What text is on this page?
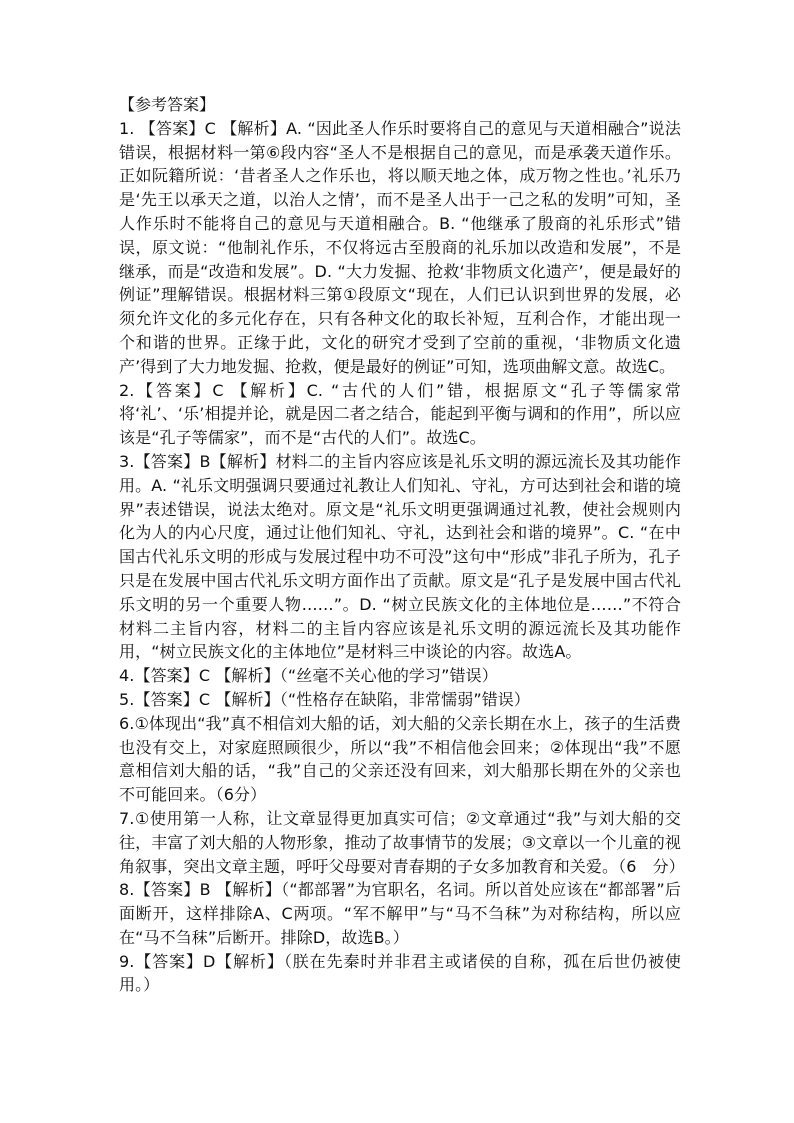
【参考答案】

1. 【答案】C 【解析】A. “因此圣人作乐时要将自己的意见与天道相融合”说法错误，根据材料一第⑥段内容“圣人不是根据自己的意见，而是承袭天道作乐。正如阮籍所说：‘昔者圣人之作乐也，将以顺天地之体，成万物之性也。’礼乐乃是‘先王以承天之道，以治人之情’，而不是圣人出于一己之私的发明”可知，圣人作乐时不能将自己的意见与天道相融合。B. “他继承了殷商的礼乐形式”错误，原文说：“他制礼作乐，不仅将远古至殷商的礼乐加以改造和发展”，不是继承，而是“改造和发展”。D. “大力发掘、抢救‘非物质文化遗产’，便是最好的例证”理解错误。根据材料三第①段原文“现在，人们已认识到世界的发展，必须允许文化的多元化存在，只有各种文化的取长补短，互利合作，才能出现一个和谐的世界。正缘于此，文化的研究才受到了空前的重视，‘非物质文化遗产’得到了大力地发掘、抢救，便是最好的例证”可知，选项曲解文意。故选C。

2.【答案】C 【解析】C. “古代的人们”错，根据原文“孔子等儒家常将‘礼’、‘乐’相提并论，就是因二者之结合，能起到平衡与调和的作用”，所以应该是“孔子等儒家”，而不是“古代的人们”。故选C。

3.【答案】B【解析】材料二的主旨内容应该是礼乐文明的源远流长及其功能作用。A. “礼乐文明强调只要通过礼教让人们知礼、守礼，方可达到社会和谐的境界”表述错误，说法太绝对。原文是“礼乐文明更强调通过礼教，使社会规则内化为人的内心尺度，通过让他们知礼、守礼，达到社会和谐的境界”。C. “在中国古代礼乐文明的形成与发展过程中功不可没”这句中“形成”非孔子所为，孔子只是在发展中国古代礼乐文明方面作出了贡献。原文是“孔子是发展中国古代礼乐文明的另一个重要人物……”。D. “树立民族文化的主体地位是……”不符合材料二主旨内容，材料二的主旨内容应该是礼乐文明的源远流长及其功能作用，“树立民族文化的主体地位”是材料三中谈论的内容。故选A。

4.【答案】C 【解析】（“丝毫不关心他的学习”错误）

5.【答案】C 【解析】（“性格存在缺陷，非常懦弱”错误）

6.①体现出“我”真不相信刘大船的话，刘大船的父亲长期在水上，孩子的生活费也没有交上，对家庭照顾很少，所以“我”不相信他会回来；②体现出“我”不愿意相信刘大船的话，“我”自己的父亲还没有回来，刘大船那长期在外的父亲也不可能回来。（6分）

7.①使用第一人称，让文章显得更加真实可信；②文章通过“我”与刘大船的交往，丰富了刘大船的人物形象，推动了故事情节的发展；③文章以一个儿童的视角叙事，突出文章主题，呼吁父母要对青春期的子女多加教育和关爱。（6　分）

8.【答案】B 【解析】（“都部署”为官职名，名词。所以首处应该在“都部署”后面断开，这样排除A、C两项。“军不解甲”与“马不刍秣”为对称结构，所以应在“马不刍秣”后断开。排除D，故选B。）

9.【答案】D【解析】（朕在先秦时并非君主或诸侯的自称，孤在后世仍被使用。）
